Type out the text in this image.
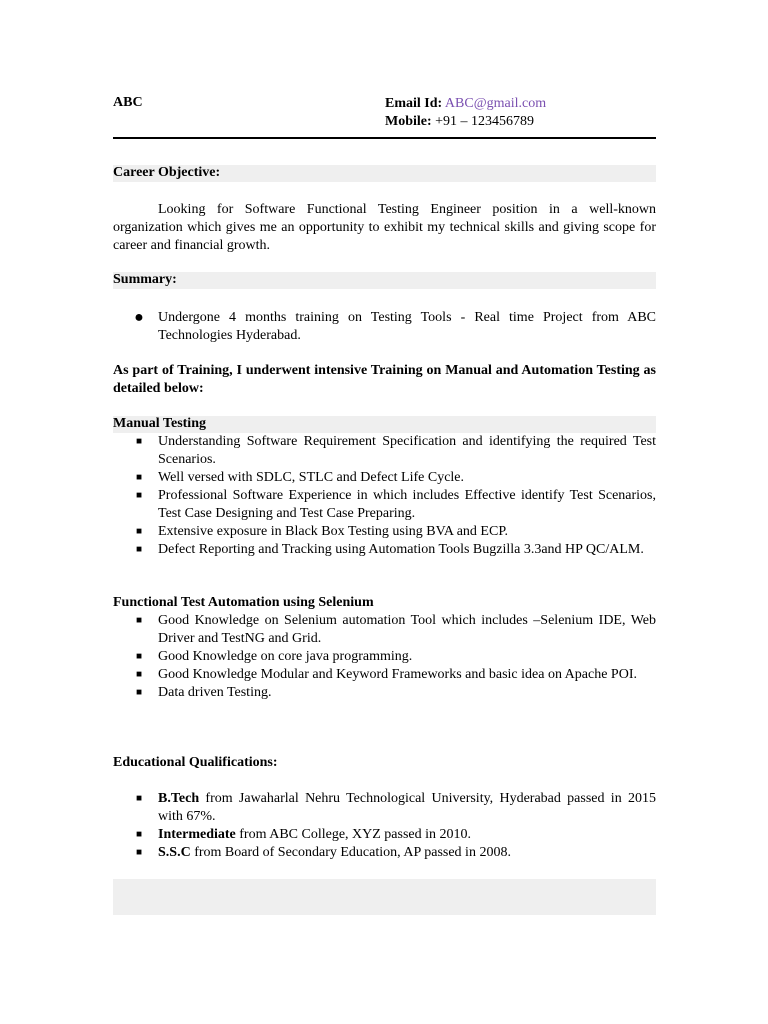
ABC	Email Id: ABC@gmail.com
Mobile: +91 – 123456789
Career Objective:
Looking for Software Functional Testing Engineer position in a well-known organization which gives me an opportunity to exhibit my technical skills and giving scope for career and financial growth.
Summary:
● Undergone 4 months training on Testing Tools - Real time Project from ABC Technologies Hyderabad.
As part of Training, I underwent intensive Training on Manual and Automation Testing as detailed below:
Manual Testing
■ Understanding Software Requirement Specification and identifying the required Test Scenarios.
■ Well versed with SDLC, STLC and Defect Life Cycle.
■ Professional Software Experience in which includes Effective identify Test Scenarios, Test Case Designing and Test Case Preparing.
■ Extensive exposure in Black Box Testing using BVA and ECP.
■ Defect Reporting and Tracking using Automation Tools Bugzilla 3.3and HP QC/ALM.
Functional Test Automation using Selenium
■ Good Knowledge on Selenium automation Tool which includes –Selenium IDE, Web Driver and TestNG and Grid.
■ Good Knowledge on core java programming.
■ Good Knowledge Modular and Keyword Frameworks and basic idea on Apache POI.
■ Data driven Testing.
Educational Qualifications:
■ B.Tech from Jawaharlal Nehru Technological University, Hyderabad passed in 2015 with 67%.
■ Intermediate from ABC College, XYZ passed in 2010.
■ S.S.C from Board of Secondary Education, AP passed in 2008.
